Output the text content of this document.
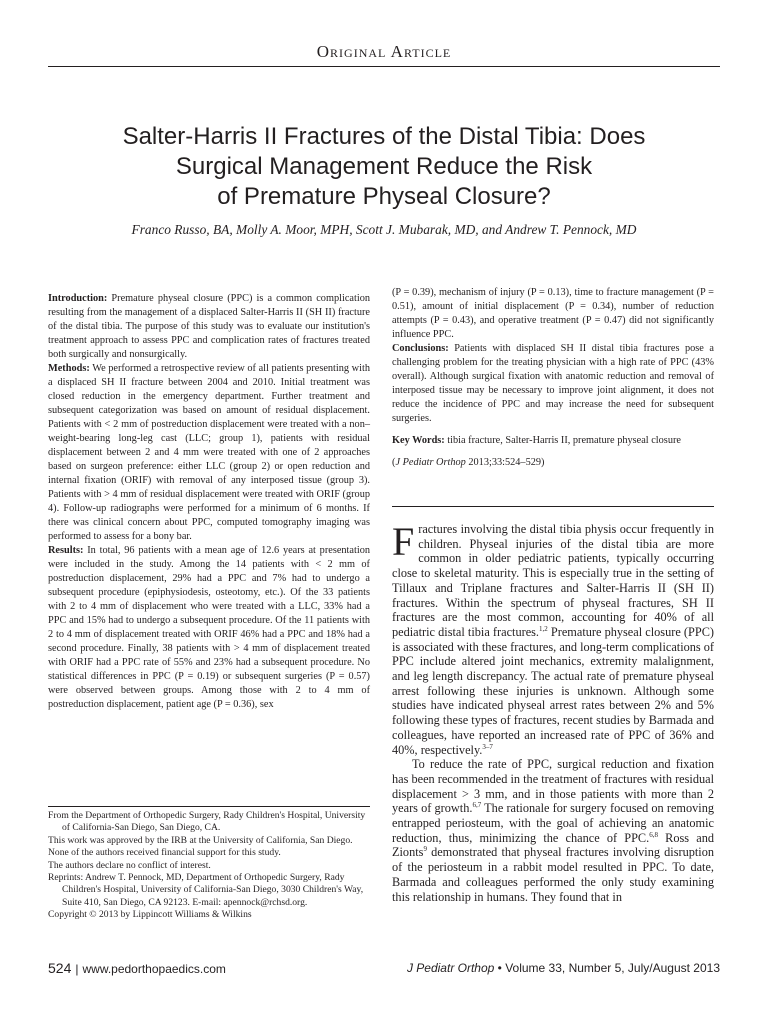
Original Article
Salter-Harris II Fractures of the Distal Tibia: Does
Surgical Management Reduce the Risk
of Premature Physeal Closure?
Franco Russo, BA, Molly A. Moor, MPH, Scott J. Mubarak, MD, and Andrew T. Pennock, MD

Introduction: Premature physeal closure (PPC) is a common complication resulting from the management of a displaced Salter-Harris II (SH II) fracture of the distal tibia. The purpose of this study was to evaluate our institution's treatment approach to assess PPC and complication rates of fractures treated both surgically and nonsurgically.

Methods: We performed a retrospective review of all patients presenting with a displaced SH II fracture between 2004 and 2010. Initial treatment was closed reduction in the emergency department. Further treatment and subsequent categorization was based on amount of residual displacement. Patients with < 2 mm of postreduction displacement were treated with a non–weight-bearing long-leg cast (LLC; group 1), patients with residual displacement between 2 and 4 mm were treated with one of 2 approaches based on surgeon preference: either LLC (group 2) or open reduction and internal fixation (ORIF) with removal of any interposed tissue (group 3). Patients with > 4 mm of residual displacement were treated with ORIF (group 4). Follow-up radiographs were performed for a minimum of 6 months. If there was clinical concern about PPC, computed tomography imaging was performed to assess for a bony bar.

Results: In total, 96 patients with a mean age of 12.6 years at presentation were included in the study. Among the 14 patients with < 2 mm of postreduction displacement, 29% had a PPC and 7% had to undergo a subsequent procedure (epiphysiodesis, osteotomy, etc.). Of the 33 patients with 2 to 4 mm of displacement who were treated with a LLC, 33% had a PPC and 15% had to undergo a subsequent procedure. Of the 11 patients with 2 to 4 mm of displacement treated with ORIF 46% had a PPC and 18% had a second procedure. Finally, 38 patients with > 4 mm of displacement treated with ORIF had a PPC rate of 55% and 23% had a subsequent procedure. No statistical differences in PPC (P = 0.19) or subsequent surgeries (P = 0.57) were observed between groups. Among those with 2 to 4 mm of postreduction displacement, patient age (P = 0.36), sex

(P = 0.39), mechanism of injury (P = 0.13), time to fracture management (P = 0.51), amount of initial displacement (P = 0.34), number of reduction attempts (P = 0.43), and operative treatment (P = 0.47) did not significantly influence PPC.

Conclusions: Patients with displaced SH II distal tibia fractures pose a challenging problem for the treating physician with a high rate of PPC (43% overall). Although surgical fixation with anatomic reduction and removal of interposed tissue may be necessary to improve joint alignment, it does not reduce the incidence of PPC and may increase the need for subsequent surgeries.

Key Words: tibia fracture, Salter-Harris II, premature physeal closure

(J Pediatr Orthop 2013;33:524–529)

Fractures involving the distal tibia physis occur frequently in children. Physeal injuries of the distal tibia are more common in older pediatric patients, typically occurring close to skeletal maturity. This is especially true in the setting of Tillaux and Triplane fractures and Salter-Harris II (SH II) fractures. Within the spectrum of physeal fractures, SH II fractures are the most common, accounting for 40% of all pediatric distal tibia fractures.$^{1,2}$ Premature physeal closure (PPC) is associated with these fractures, and long-term complications of PPC include altered joint mechanics, extremity malalignment, and leg length discrepancy. The actual rate of premature physeal arrest following these injuries is unknown. Although some studies have indicated physeal arrest rates between 2% and 5% following these types of fractures, recent studies by Barmada and colleagues, have reported an increased rate of PPC of 36% and 40%, respectively.$^{3-7}$

To reduce the rate of PPC, surgical reduction and fixation has been recommended in the treatment of fractures with residual displacement > 3 mm, and in those patients with more than 2 years of growth.$^{6,7}$ The rationale for surgery focused on removing entrapped periosteum, with the goal of achieving an anatomic reduction, thus, minimizing the chance of PPC.$^{6,8}$ Ross and Zionts$^9$ demonstrated that physeal fractures involving disruption of the periosteum in a rabbit model resulted in PPC. To date, Barmada and colleagues performed the only study examining this relationship in humans. They found that in

From the Department of Orthopedic Surgery, Rady Children's Hospital, University of California-San Diego, San Diego, CA.

This work was approved by the IRB at the University of California, San Diego.

None of the authors received financial support for this study.

The authors declare no conflict of interest.

Reprints: Andrew T. Pennock, MD, Department of Orthopedic Surgery, Rady Children's Hospital, University of California-San Diego, 3030 Children's Way, Suite 410, San Diego, CA 92123. E-mail: apennock@rchsd.org.

Copyright © 2013 by Lippincott Williams & Wilkins

524 | www.pedorthopaedics.com	J Pediatr Orthop • Volume 33, Number 5, July/August 2013
